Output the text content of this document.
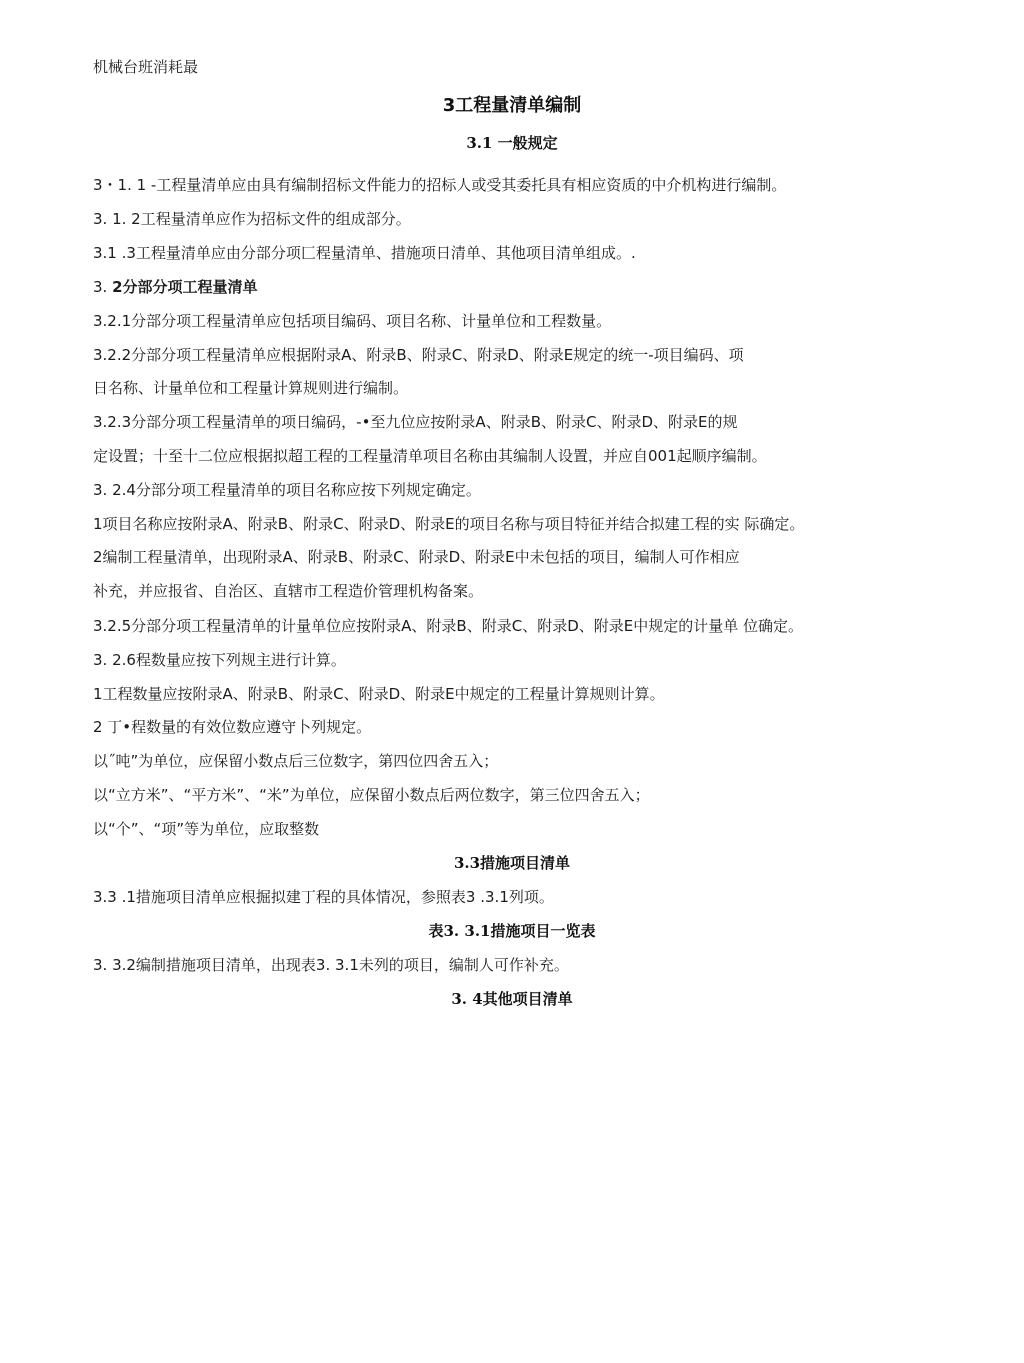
机械台班消耗最
3工程量清单编制
3.1 一般规定
3・1. 1 -工程量清单应由具有编制招标文件能力的招标人或受其委托具有相应资质的中介机构进行编制。
3. 1. 2工程量清单应作为招标文件的组成部分。
3.1 .3工程量清单应由分部分项匚程量清单、措施项日清单、其他项目清单组成。.
3. 2分部分项工程量清单
3.2.1分部分项工程量清单应包括项目编码、项目名称、计量单位和工程数量。
3.2.2分部分项工程量清单应根据附录A、附录B、附录C、附录D、附录E规定的统一-项目编码、项
日名称、计量单位和工程量计算规则进行编制。
3.2.3分部分项工程量清单的项日编码，-•至九位应按附录A、附录B、附录C、附录D、附录E的规
定设置；十至十二位应根据拟超工程的工程量清单项目名称由其编制人设置，并应自001起顺序编制。
3. 2.4分部分项工程量清单的项目名称应按下列规定确定。
1项目名称应按附录A、附录B、附录C、附录D、附录E的项目名称与项目特征并结合拟建工程的实 际确定。
2编制工程量清单，出现附录A、附录B、附录C、附录D、附录E中未包括的项目，编制人可作相应
补充，并应报省、自治区、直辖市工程造价管理机构备案。
3.2.5分部分项工程量清单的计量单位应按附录A、附录B、附录C、附录D、附录E中规定的计量单 位确定。
3. 2.6程数量应按下列规主进行计算。
1工程数量应按附录A、附录B、附录C、附录D、附录E中规定的工程量计算规则计算。
2 丁•程数量的有效位数应遵守卜列规定。
以˝吨”为单位，应保留小数点后三位数字，第四位四舍五入；
以“立方米”、“平方米”、“米”为单位，应保留小数点后两位数字，第三位四舍五入；
以“个”、“项”等为单位，应取整数
3.3措施项目清单
3.3 .1措施项目清单应根掘拟建丁程的具体情况，参照表3 .3.1列项。
表3. 3.1措施项目一览表
3. 3.2编制措施项目清单，出现表3. 3.1未列的项目，编制人可作补充。
3. 4其他项目清单
